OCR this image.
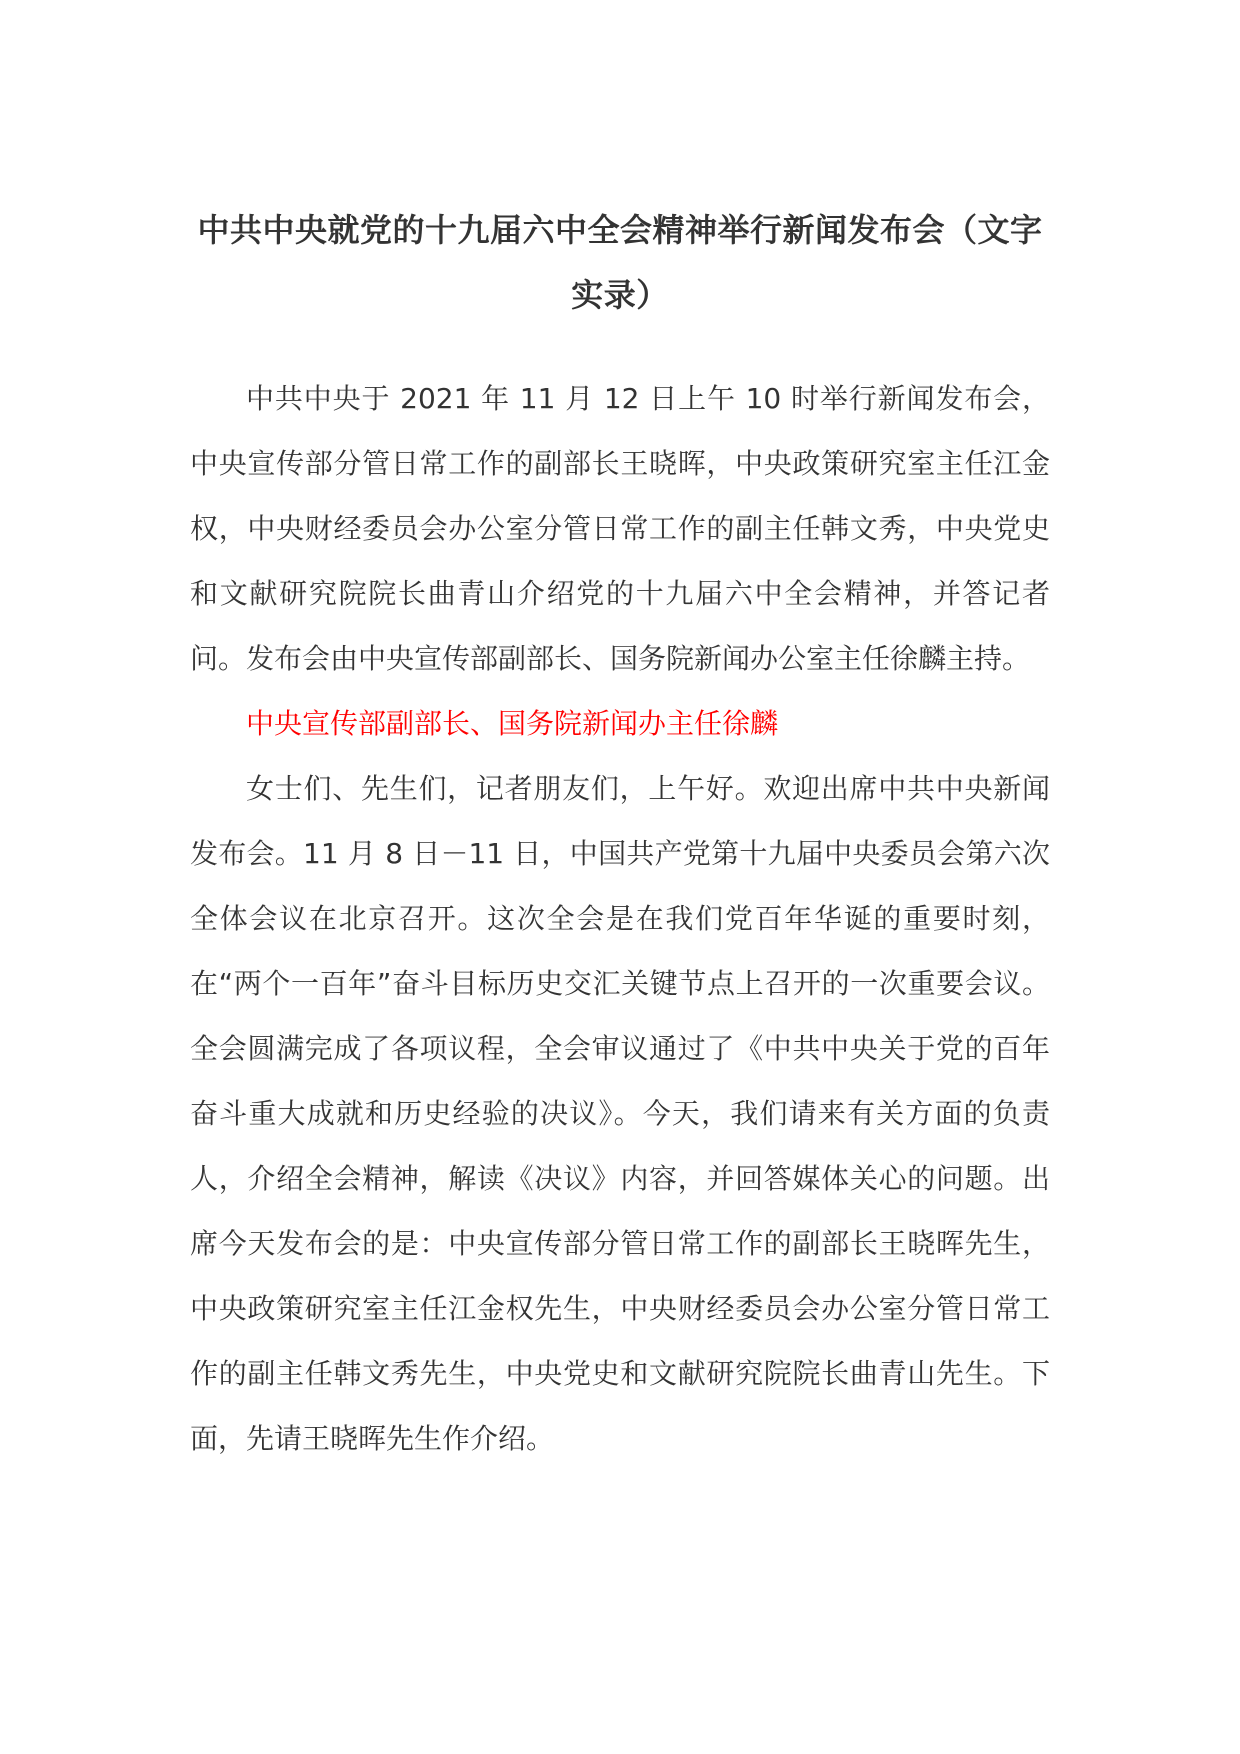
中共中央就党的十九届六中全会精神举行新闻发布会（文字实录）

中共中央于 2021 年 11 月 12 日上午 10 时举行新闻发布会，中央宣传部分管日常工作的副部长王晓晖，中央政策研究室主任江金权，中央财经委员会办公室分管日常工作的副主任韩文秀，中央党史和文献研究院院长曲青山介绍党的十九届六中全会精神，并答记者问。发布会由中央宣传部副部长、国务院新闻办公室主任徐麟主持。

中央宣传部副部长、国务院新闻办主任徐麟

女士们、先生们，记者朋友们，上午好。欢迎出席中共中央新闻发布会。11 月 8 日－11 日，中国共产党第十九届中央委员会第六次全体会议在北京召开。这次全会是在我们党百年华诞的重要时刻，在“两个一百年”奋斗目标历史交汇关键节点上召开的一次重要会议。全会圆满完成了各项议程，全会审议通过了《中共中央关于党的百年奋斗重大成就和历史经验的决议》。今天，我们请来有关方面的负责人，介绍全会精神，解读《决议》内容，并回答媒体关心的问题。出席今天发布会的是：中央宣传部分管日常工作的副部长王晓晖先生，中央政策研究室主任江金权先生，中央财经委员会办公室分管日常工作的副主任韩文秀先生，中央党史和文献研究院院长曲青山先生。下面，先请王晓晖先生作介绍。
